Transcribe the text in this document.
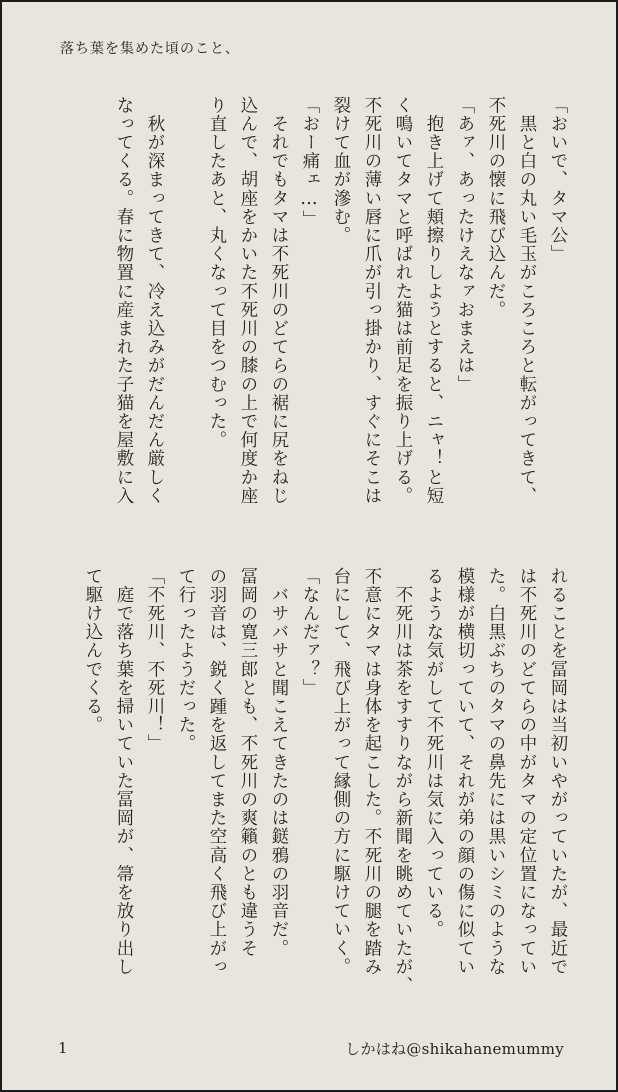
落ち葉を集めた頃のこと、
「おいで、タマ公」
　黒と白の丸い毛玉がころころと転がってきて、
不死川の懐に飛び込んだ。
「あァ、あったけえなァおまえは」
　抱き上げて頬擦りしようとすると、ニャ！と短
く鳴いてタマと呼ばれた猫は前足を振り上げる。
不死川の薄い唇に爪が引っ掛かり、すぐにそこは
裂けて血が滲む。
「おー痛ェ…」
　それでもタマは不死川のどてらの裾に尻をねじ
込んで、胡座をかいた不死川の膝の上で何度か座
り直したあと、丸くなって目をつむった。
　秋が深まってきて、冷え込みがだんだん厳しく
なってくる。春に物置に産まれた子猫を屋敷に入
れることを冨岡は当初いやがっていたが、最近で
は不死川のどてらの中がタマの定位置になってい
た。白黒ぶちのタマの鼻先には黒いシミのような
模様が横切っていて、それが弟の顔の傷に似てい
るような気がして不死川は気に入っている。
　不死川は茶をすすりながら新聞を眺めていたが、
不意にタマは身体を起こした。不死川の腿を踏み
台にして、飛び上がって縁側の方に駆けていく。
「なんだァ？」
　バサバサと聞こえてきたのは鎹鴉の羽音だ。
冨岡の寛三郎とも、不死川の爽籟のとも違うそ
の羽音は、鋭く踵を返してまた空高く飛び上がっ
て行ったようだった。
「不死川、不死川！」
　庭で落ち葉を掃いていた冨岡が、箒を放り出し
て駆け込んでくる。
1	しかはね@shikahanemummy
